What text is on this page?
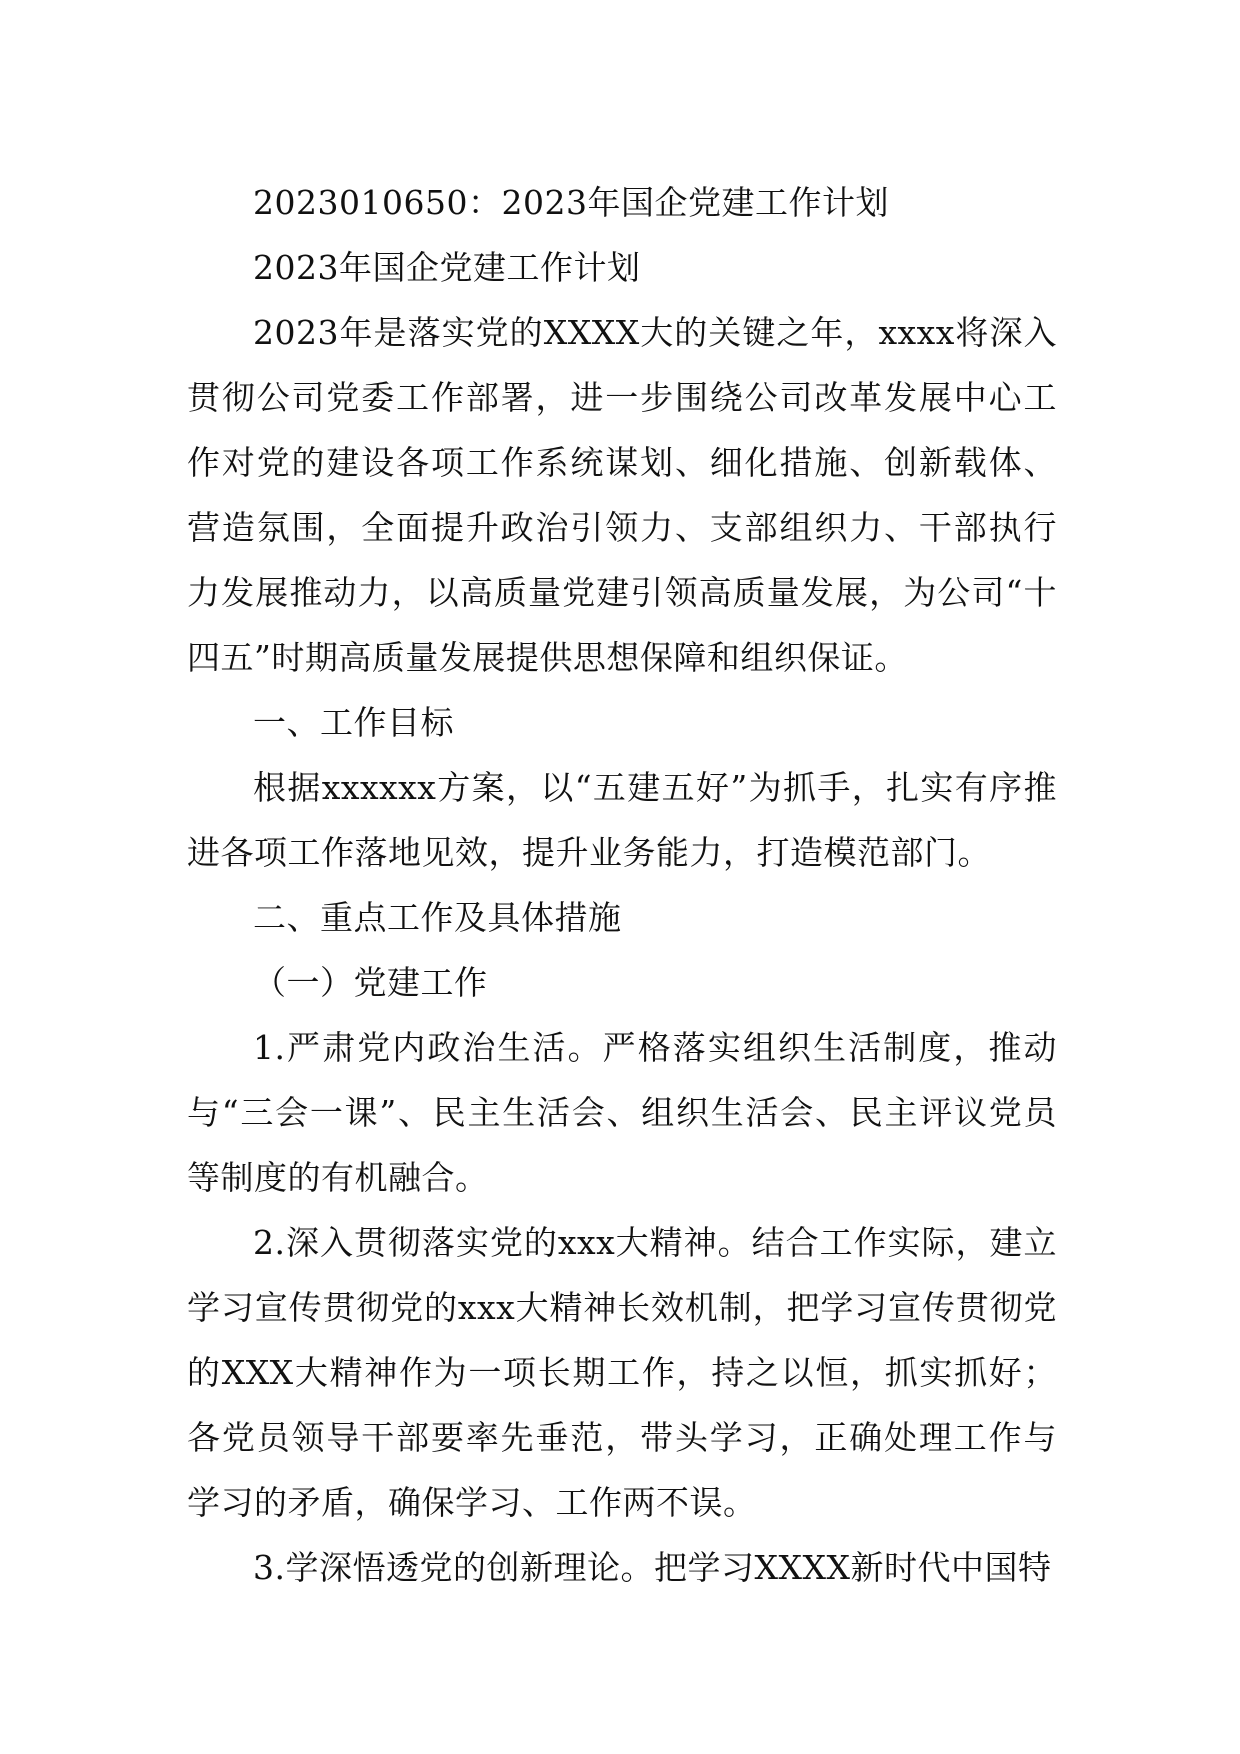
2023010650：2023年国企党建工作计划

2023年国企党建工作计划

2023年是落实党的XXXX大的关键之年，xxxx将深入贯彻公司党委工作部署，进一步围绕公司改革发展中心工作对党的建设各项工作系统谋划、细化措施、创新载体、营造氛围，全面提升政治引领力、支部组织力、干部执行力发展推动力，以高质量党建引领高质量发展，为公司“十四五”时期高质量发展提供思想保障和组织保证。

一、工作目标

根据xxxxxx方案，以“五建五好”为抓手，扎实有序推进各项工作落地见效，提升业务能力，打造模范部门。

二、重点工作及具体措施

（一）党建工作

1.严肃党内政治生活。严格落实组织生活制度，推动与“三会一课”、民主生活会、组织生活会、民主评议党员等制度的有机融合。

2.深入贯彻落实党的xxx大精神。结合工作实际，建立学习宣传贯彻党的xxx大精神长效机制，把学习宣传贯彻党的XXX大精神作为一项长期工作，持之以恒，抓实抓好；各党员领导干部要率先垂范，带头学习，正确处理工作与学习的矛盾，确保学习、工作两不误。

3.学深悟透党的创新理论。把学习XXXX新时代中国特
